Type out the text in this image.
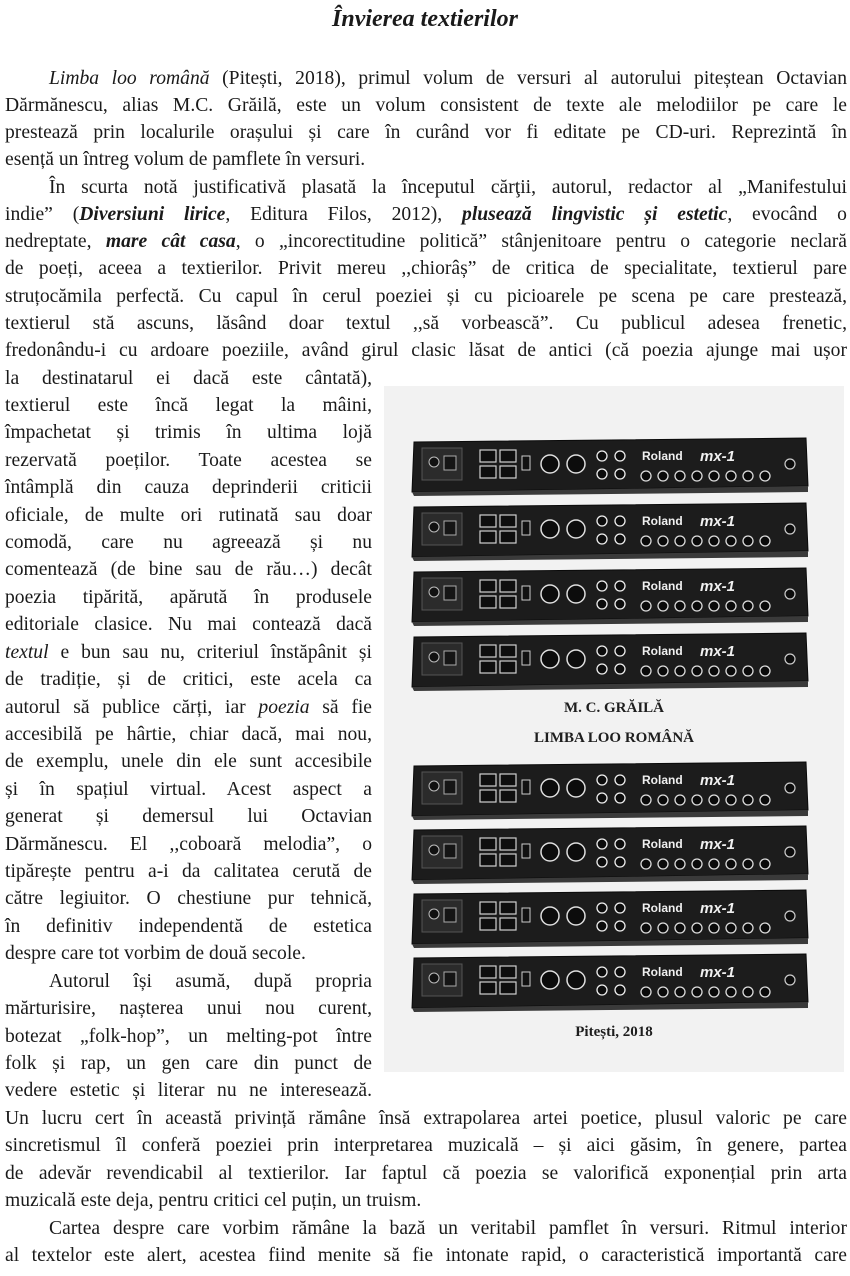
Învierea textierilor
Limba loo română (Pitești, 2018), primul volum de versuri al autorului piteștean Octavian
Dărmănescu, alias M.C. Grăilă, este un volum consistent de texte ale melodiilor pe care le
prestează prin localurile orașului și care în curând vor fi editate pe CD-uri. Reprezintă în
esență un întreg volum de pamflete în versuri.
În scurta notă justificativă plasată la începutul cărţii, autorul, redactor al „Manifestului
indie” (Diversiuni lirice, Editura Filos, 2012), plusează lingvistic și estetic, evocând o
nedreptate, mare cât casa, o „incorectitudine politică” stânjenitoare pentru o categorie neclară
de poeți, aceea a textierilor. Privit mereu ,,chiorâș” de critica de specialitate, textierul pare
struțocămila perfectă. Cu capul în cerul poeziei și cu picioarele pe scena pe care prestează,
textierul stă ascuns, lăsând doar textul ,,să vorbească”. Cu publicul adesea frenetic,
fredonându-i cu ardoare poeziile, având girul clasic lăsat de antici (că poezia ajunge mai ușor
la destinatarul ei dacă este cântată),
textierul este încă legat la mâini,
împachetat și trimis în ultima lojă
rezervată poeților. Toate acestea se
întâmplă din cauza deprinderii criticii
oficiale, de multe ori rutinată sau doar
comodă, care nu agreează și nu
comentează (de bine sau de rău…) decât
poezia tipărită, apărută în produsele
editoriale clasice. Nu mai contează dacă
textul e bun sau nu, criteriul înstăpânit și
de tradiție, și de critici, este acela ca
autorul să publice cărți, iar poezia să fie
accesibilă pe hârtie, chiar dacă, mai nou,
de exemplu, unele din ele sunt accesibile
și în spațiul virtual. Acest aspect a
generat și demersul lui Octavian
Dărmănescu. El ,,coboară melodia”, o
tipărește pentru a-i da calitatea cerută de
către legiuitor. O chestiune pur tehnică,
în definitiv independentă de estetica
despre care tot vorbim de două secole.
Autorul își asumă, după propria
mărturisire, nașterea unui nou curent,
botezat „folk-hop”, un melting-pot între
folk și rap, un gen care din punct de
vedere estetic și literar nu ne interesează.
Un lucru cert în această privință rămâne însă extrapolarea artei poetice, plusul valoric pe care
sincretismul îl conferă poeziei prin interpretarea muzicală – și aici găsim, în genere, partea
de adevăr revendicabil al textierilor. Iar faptul că poezia se valorifică exponențial prin arta
muzicală este deja, pentru critici cel puțin, un truism.
Cartea despre care vorbim rămâne la bază un veritabil pamflet în versuri. Ritmul interior
al textelor este alert, acestea fiind menite să fie intonate rapid, o caracteristică importantă care
Roland mx-1
Roland mx-1
Roland mx-1
Roland mx-1
M. C. GRĂILĂ
LIMBA LOO ROMÂNĂ
Roland mx-1
Roland mx-1
Roland mx-1
Roland mx-1
Pitești, 2018
